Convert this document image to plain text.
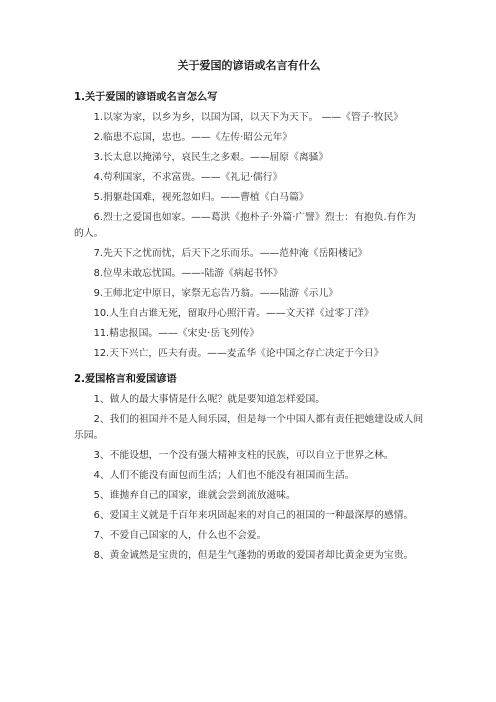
关于爱国的谚语或名言有什么
1.关于爱国的谚语或名言怎么写

1.以家为家，以乡为乡，以国为国，以天下为天下。 ——《管子·牧民》

2.临患不忘国，忠也。——《左传·昭公元年》

3.长太息以掩涕兮，哀民生之多艰。——屈原《离骚》

4.苟利国家，不求富贵。——《礼记·儒行》

5.捐躯赴国难，视死忽如归。——曹植《白马篇》

6.烈士之爱国也如家。——葛洪《抱朴子·外篇·广譬》烈士：有抱负.有作为的人。

7.先天下之忧而忧，后天下之乐而乐。——范仲淹《岳阳楼记》

8.位卑未敢忘忧国。——-陆游《病起书怀》

9.王师北定中原日，家祭无忘告乃翁。——陆游《示儿》

10.人生自古谁无死，留取丹心照汗青。——文天祥《过零丁洋》

11.精忠报国。——《宋史·岳飞列传》

12.天下兴亡，匹夫有责。——麦孟华《论中国之存亡决定于今日》

2.爱国格言和爱国谚语

1、做人的最大事情是什么呢？就是要知道怎样爱国。

2、我们的祖国并不是人间乐园，但是每一个中国人都有责任把她建设成人间乐园。

3、不能设想，一个没有强大精神支柱的民族，可以自立于世界之林。

4、人们不能没有面包而生活；人们也不能没有祖国而生活。

5、谁抛弃自己的国家，谁就会尝到流放滋味。

6、爱国主义就是千百年来巩固起来的对自己的祖国的一种最深厚的感情。

7、不爱自己国家的人，什么也不会爱。

8、黄金诚然是宝贵的，但是生气蓬勃的勇敢的爱国者却比黄金更为宝贵。
